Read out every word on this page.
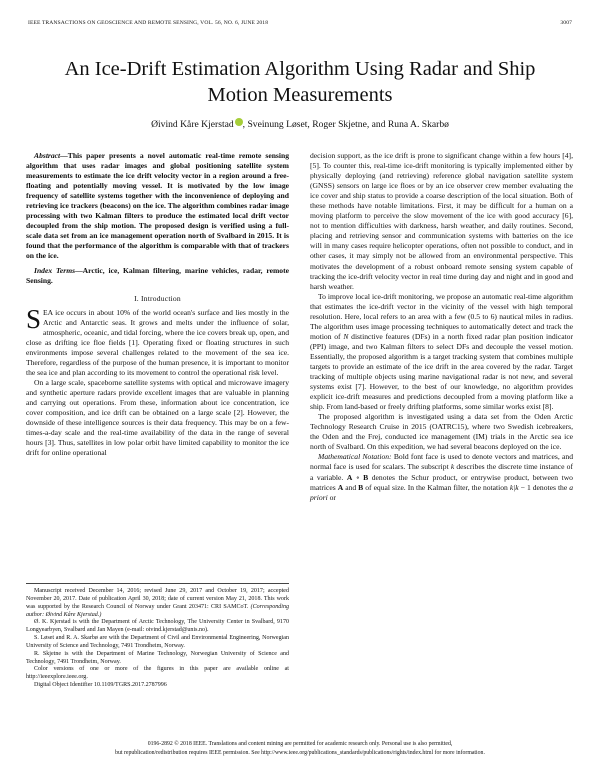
IEEE TRANSACTIONS ON GEOSCIENCE AND REMOTE SENSING, VOL. 56, NO. 6, JUNE 2018	3007
An Ice-Drift Estimation Algorithm Using Radar and Ship Motion Measurements
Øivind Kåre Kjerstad , Sveinung Løset, Roger Skjetne, and Runa A. Skarbø

Abstract—This paper presents a novel automatic real-time remote sensing algorithm that uses radar images and global positioning satellite system measurements to estimate the ice drift velocity vector in a region around a free-floating and potentially moving vessel. It is motivated by the low image frequency of satellite systems together with the inconvenience of deploying and retrieving ice trackers (beacons) on the ice. The algorithm combines radar image processing with two Kalman filters to produce the estimated local drift vector decoupled from the ship motion. The proposed design is verified using a full-scale data set from an ice management operation north of Svalbard in 2015. It is found that the performance of the algorithm is comparable with that of trackers on the ice.

Index Terms—Arctic, ice, Kalman filtering, marine vehicles, radar, remote Sensing.

I. Introduction

SEA ice occurs in about 10% of the world ocean's surface and lies mostly in the Arctic and Antarctic seas. It grows and melts under the influence of solar, atmospheric, oceanic, and tidal forcing, where the ice covers break up, open, and close as drifting ice floe fields [1]. Operating fixed or floating structures in such environments impose several challenges related to the movement of the sea ice. Therefore, regardless of the purpose of the human presence, it is important to monitor the sea ice and plan according to its movement to control the operational risk level.

On a large scale, spaceborne satellite systems with optical and microwave imagery and synthetic aperture radars provide excellent images that are valuable in planning and carrying out operations. From these, information about ice concentration, ice cover composition, and ice drift can be obtained on a large scale [2]. However, the downside of these intelligence sources is their data frequency. This may be on a few-times-a-day scale and the real-time availability of the data in the range of several hours [3]. Thus, satellites in low polar orbit have limited capability to monitor the ice drift for online operational

Manuscript received December 14, 2016; revised June 29, 2017 and October 19, 2017; accepted November 20, 2017. Date of publication April 30, 2018; date of current version May 21, 2018. This work was supported by the Research Council of Norway under Grant 203471: CRI SAMCoT. (Corresponding author: Øivind Kåre Kjerstad.)

Ø. K. Kjerstad is with the Department of Arctic Technology, The University Center in Svalbard, 9170 Longyearbyen, Svalbard and Jan Mayen (e-mail: oivind.kjerstad@unis.no).

S. Løset and R. A. Skarbø are with the Department of Civil and Environmental Engineering, Norwegian University of Science and Technology, 7491 Trondheim, Norway.

R. Skjetne is with the Department of Marine Technology, Norwegian University of Science and Technology, 7491 Trondheim, Norway.

Color versions of one or more of the figures in this paper are available online at http://ieeexplore.ieee.org.

Digital Object Identifier 10.1109/TGRS.2017.2787996

decision support, as the ice drift is prone to significant change within a few hours [4], [5]. To counter this, real-time ice-drift monitoring is typically implemented either by physically deploying (and retrieving) reference global navigation satellite system (GNSS) sensors on large ice floes or by an ice observer crew member evaluating the ice cover and ship status to provide a coarse description of the local situation. Both of these methods have notable limitations. First, it may be difficult for a human on a moving platform to perceive the slow movement of the ice with good accuracy [6], not to mention difficulties with darkness, harsh weather, and daily routines. Second, placing and retrieving sensor and communication systems with batteries on the ice will in many cases require helicopter operations, often not possible to conduct, and in other cases, it may simply not be allowed from an environmental perspective. This motivates the development of a robust onboard remote sensing system capable of tracking the ice-drift velocity vector in real time during day and night and in good and harsh weather.

To improve local ice-drift monitoring, we propose an automatic real-time algorithm that estimates the ice-drift vector in the vicinity of the vessel with high temporal resolution. Here, local refers to an area with a few (0.5 to 6) nautical miles in radius. The algorithm uses image processing techniques to automatically detect and track the motion of N distinctive features (DFs) in a north fixed radar plan position indicator (PPI) image, and two Kalman filters to select DFs and decouple the vessel motion. Essentially, the proposed algorithm is a target tracking system that combines multiple targets to provide an estimate of the ice drift in the area covered by the radar. Target tracking of multiple objects using marine navigational radar is not new, and several systems exist [7]. However, to the best of our knowledge, no algorithm provides explicit ice-drift measures and predictions decoupled from a moving platform like a ship. From land-based or freely drifting platforms, some similar works exist [8].

The proposed algorithm is investigated using a data set from the Oden Arctic Technology Research Cruise in 2015 (OATRC15), where two Swedish icebreakers, the Oden and the Frej, conducted ice management (IM) trials in the Arctic sea ice north of Svalbard. On this expedition, we had several beacons deployed on the ice.

Mathematical Notation: Bold font face is used to denote vectors and matrices, and normal face is used for scalars. The subscript k describes the discrete time instance of a variable. A ∘ B denotes the Schur product, or entrywise product, between two matrices A and B of equal size. In the Kalman filter, the notation k|k − 1 denotes the a priori or

0196-2892 © 2018 IEEE. Translations and content mining are permitted for academic research only. Personal use is also permitted,
but republication/redistribution requires IEEE permission. See http://www.ieee.org/publications_standards/publications/rights/index.html for more information.
